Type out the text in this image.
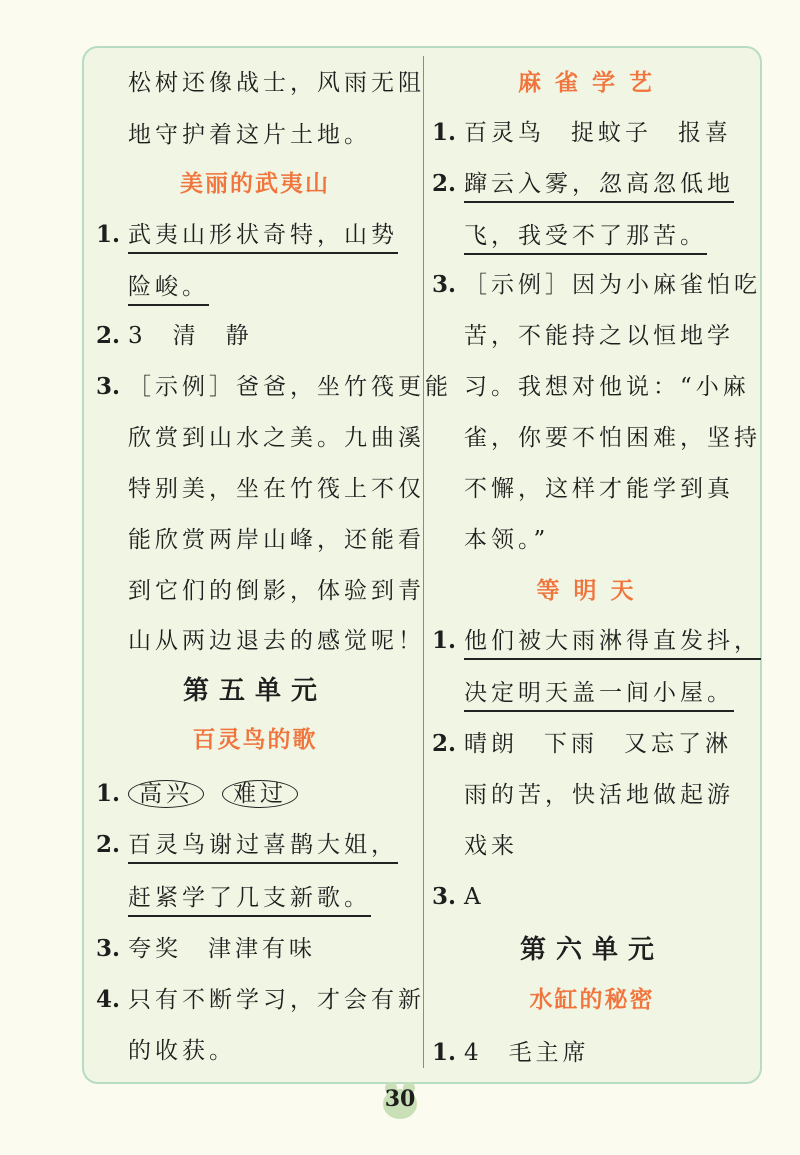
松树还像战士，风雨无阻
地守护着这片土地。
美丽的武夷山
1. 武夷山形状奇特，山势
险峻。
2. 3 清 静
3. ［示例］爸爸，坐竹筏更能
欣赏到山水之美。九曲溪
特别美，坐在竹筏上不仅
能欣赏两岸山峰，还能看
到它们的倒影，体验到青
山从两边退去的感觉呢！
第五单元
百灵鸟的歌
1. 高兴 难过
2. 百灵鸟谢过喜鹊大姐，
赶紧学了几支新歌。
3. 夸奖 津津有味
4. 只有不断学习，才会有新
的收获。
麻雀学艺
1. 百灵鸟 捉蚊子 报喜
2. 蹿云入雾，忽高忽低地
飞，我受不了那苦。
3. ［示例］因为小麻雀怕吃
苦，不能持之以恒地学
习。我想对他说：“小麻
雀，你要不怕困难，坚持
不懈，这样才能学到真
本领。”
等明天
1. 他们被大雨淋得直发抖，
决定明天盖一间小屋。
2. 晴朗 下雨 又忘了淋
雨的苦，快活地做起游
戏来
3. A
第六单元
水缸的秘密
1. 4 毛主席
30
